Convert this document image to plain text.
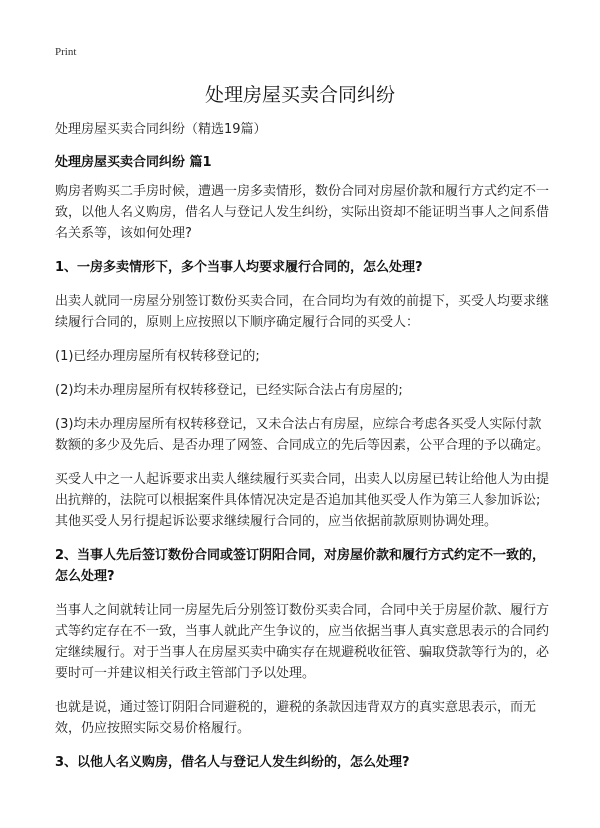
Print
处理房屋买卖合同纠纷

处理房屋买卖合同纠纷（精选19篇）

处理房屋买卖合同纠纷 篇1

购房者购买二手房时候，遭遇一房多卖情形，数份合同对房屋价款和履行方式约定不一致，以他人名义购房，借名人与登记人发生纠纷，实际出资却不能证明当事人之间系借名关系等，该如何处理?

1、一房多卖情形下，多个当事人均要求履行合同的，怎么处理?

出卖人就同一房屋分别签订数份买卖合同，在合同均为有效的前提下，买受人均要求继续履行合同的，原则上应按照以下顺序确定履行合同的买受人：

(1)已经办理房屋所有权转移登记的;

(2)均未办理房屋所有权转移登记，已经实际合法占有房屋的;

(3)均未办理房屋所有权转移登记，又未合法占有房屋，应综合考虑各买受人实际付款数额的多少及先后、是否办理了网签、合同成立的先后等因素，公平合理的予以确定。

买受人中之一人起诉要求出卖人继续履行买卖合同，出卖人以房屋已转让给他人为由提出抗辩的，法院可以根据案件具体情况决定是否追加其他买受人作为第三人参加诉讼;其他买受人另行提起诉讼要求继续履行合同的，应当依据前款原则协调处理。

2、当事人先后签订数份合同或签订阴阳合同，对房屋价款和履行方式约定不一致的，怎么处理?

当事人之间就转让同一房屋先后分别签订数份买卖合同，合同中关于房屋价款、履行方式等约定存在不一致，当事人就此产生争议的，应当依据当事人真实意思表示的合同约定继续履行。对于当事人在房屋买卖中确实存在规避税收征管、骗取贷款等行为的，必要时可一并建议相关行政主管部门予以处理。

也就是说，通过签订阴阳合同避税的，避税的条款因违背双方的真实意思表示，而无效，仍应按照实际交易价格履行。

3、以他人名义购房，借名人与登记人发生纠纷的，怎么处理?
